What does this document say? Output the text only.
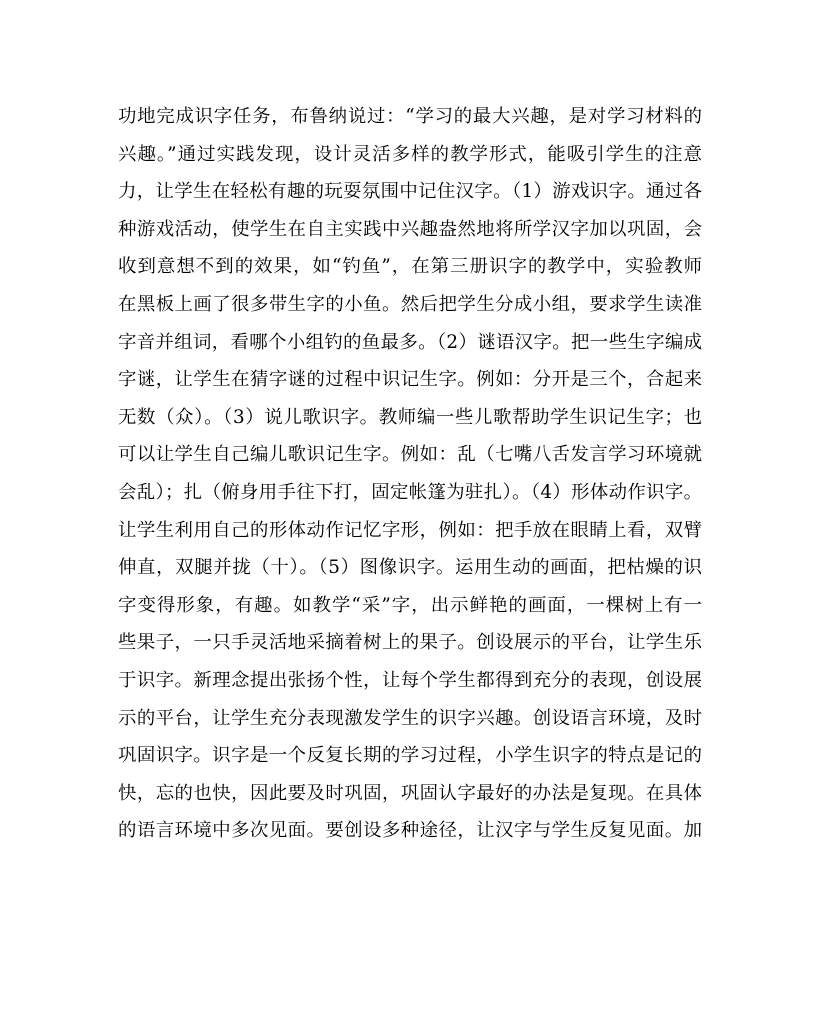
功地完成识字任务，布鲁纳说过：“学习的最大兴趣，是对学习材料的
兴趣。”通过实践发现，设计灵活多样的教学形式，能吸引学生的注意
力，让学生在轻松有趣的玩耍氛围中记住汉字。（1）游戏识字。通过各
种游戏活动，使学生在自主实践中兴趣盎然地将所学汉字加以巩固，会
收到意想不到的效果，如“钓鱼”，在第三册识字的教学中，实验教师
在黑板上画了很多带生字的小鱼。然后把学生分成小组，要求学生读准
字音并组词，看哪个小组钓的鱼最多。（2）谜语汉字。把一些生字编成
字谜，让学生在猜字谜的过程中识记生字。例如：分开是三个，合起来
无数（众）。（3）说儿歌识字。教师编一些儿歌帮助学生识记生字；也
可以让学生自己编儿歌识记生字。例如：乱（七嘴八舌发言学习环境就
会乱）；扎（俯身用手往下打，固定帐篷为驻扎）。（4）形体动作识字。
让学生利用自己的形体动作记忆字形，例如：把手放在眼睛上看，双臂
伸直，双腿并拢（十）。（5）图像识字。运用生动的画面，把枯燥的识
字变得形象，有趣。如教学“采”字，出示鲜艳的画面，一棵树上有一
些果子，一只手灵活地采摘着树上的果子。创设展示的平台，让学生乐
于识字。新理念提出张扬个性，让每个学生都得到充分的表现，创设展
示的平台，让学生充分表现激发学生的识字兴趣。创设语言环境，及时
巩固识字。识字是一个反复长期的学习过程，小学生识字的特点是记的
快，忘的也快，因此要及时巩固，巩固认字最好的办法是复现。在具体
的语言环境中多次见面。要创设多种途径，让汉字与学生反复见面。加
